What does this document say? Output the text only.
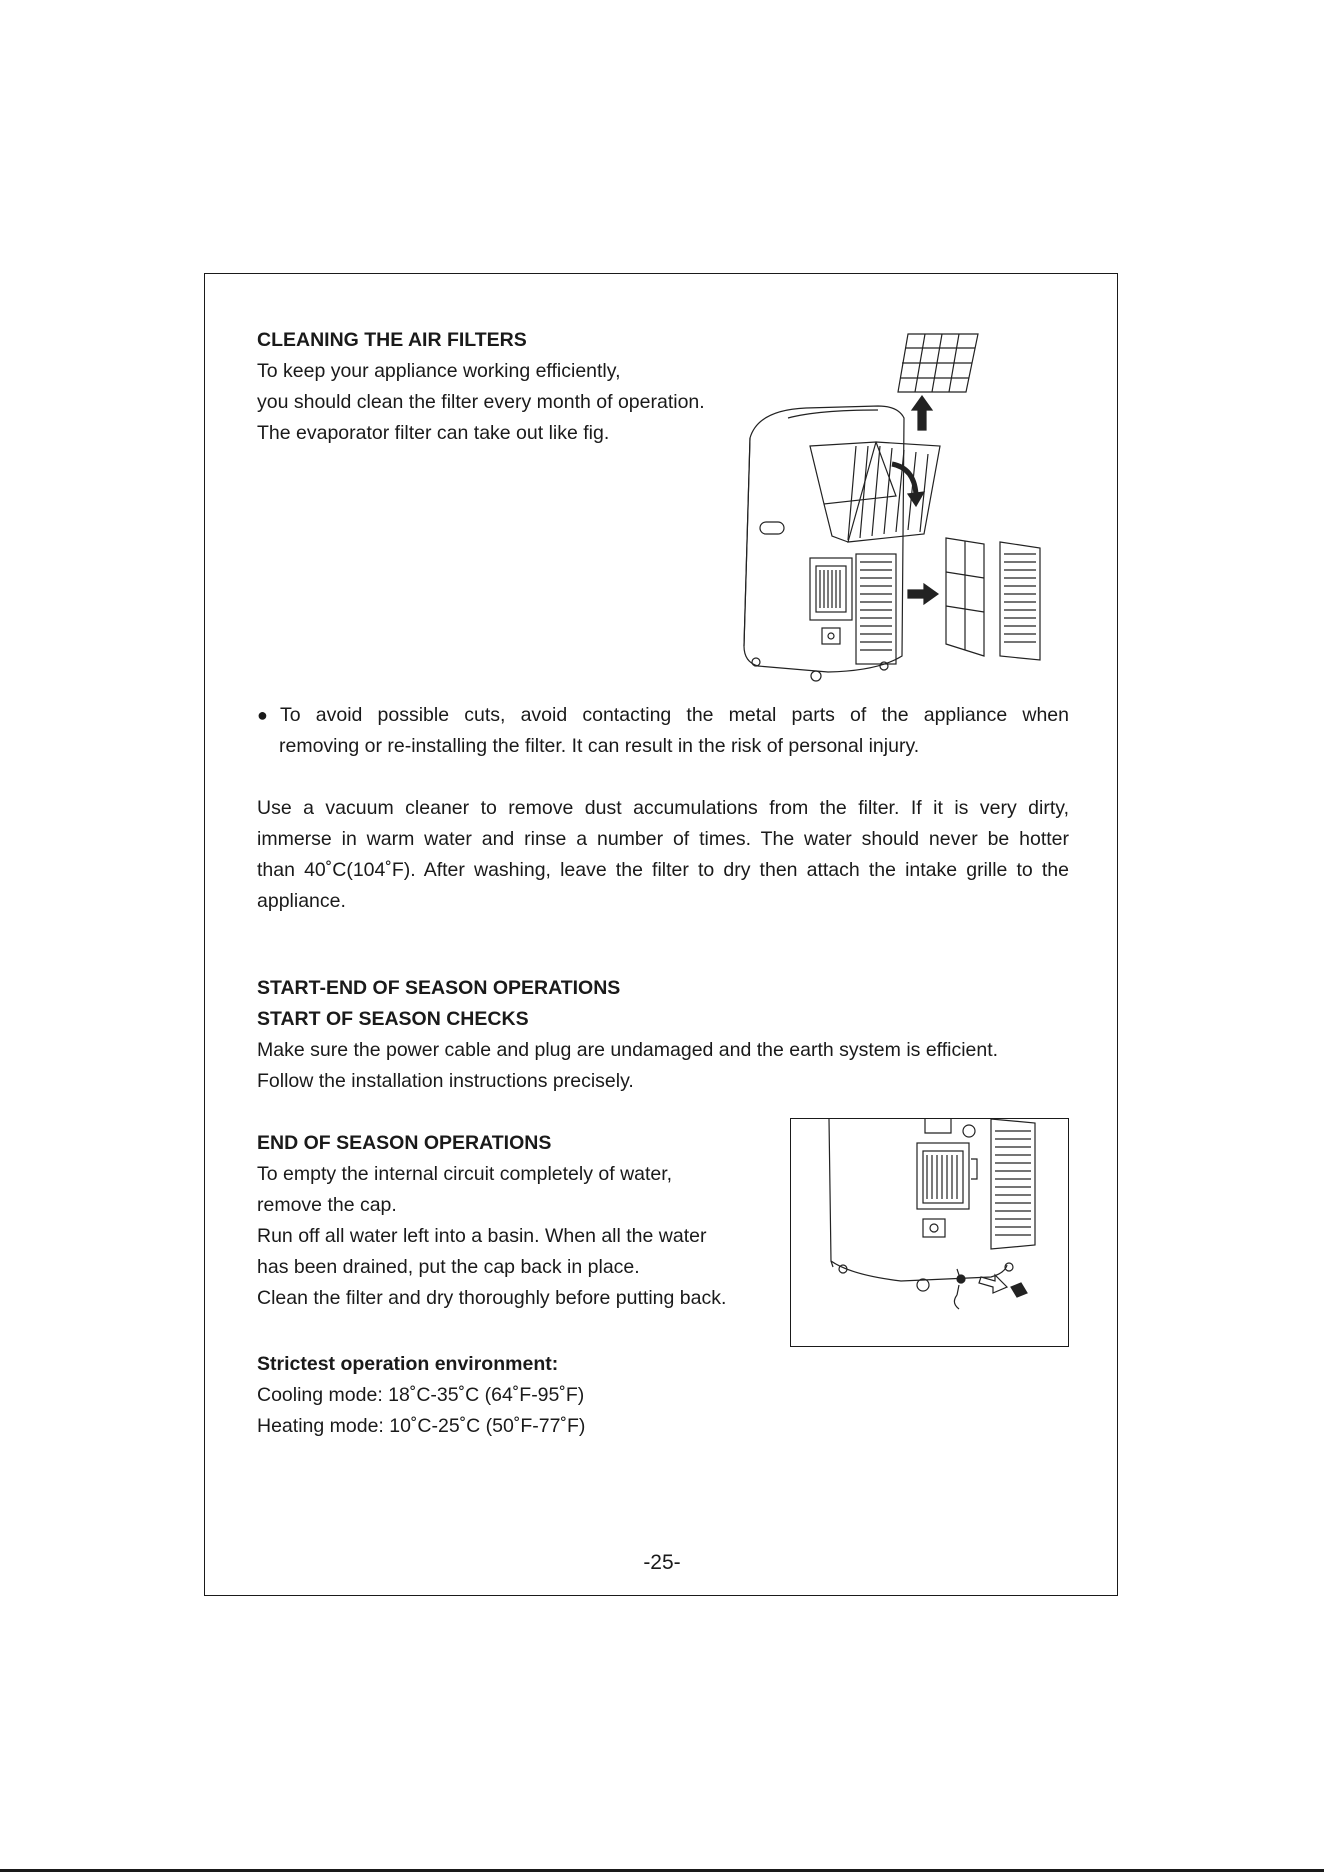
CLEANING THE AIR FILTERS
To keep your appliance working efficiently,
you should clean the filter every month of operation.
The evaporator filter can take out like fig.
● To avoid possible cuts, avoid contacting the metal parts of the appliance when
removing or re-installing the filter. It can result in the risk of personal injury.
Use a vacuum cleaner to remove dust accumulations from the filter. If it is very dirty,
immerse in warm water and rinse a number of times. The water should never be hotter
than 40˚C(104˚F). After washing, leave the filter to dry then attach the intake grille to the
appliance.
START-END OF SEASON OPERATIONS
START OF SEASON CHECKS
Make sure the power cable and plug are undamaged and the earth system is efficient.
Follow the installation instructions precisely.
END OF SEASON OPERATIONS
To empty the internal circuit completely of water,
remove the cap.
Run off all water left into a basin. When all the water
has been drained, put the cap back in place.
Clean the filter and dry thoroughly before putting back.
Strictest operation environment:
Cooling mode: 18˚C-35˚C (64˚F-95˚F)
Heating mode: 10˚C-25˚C (50˚F-77˚F)
-25-
